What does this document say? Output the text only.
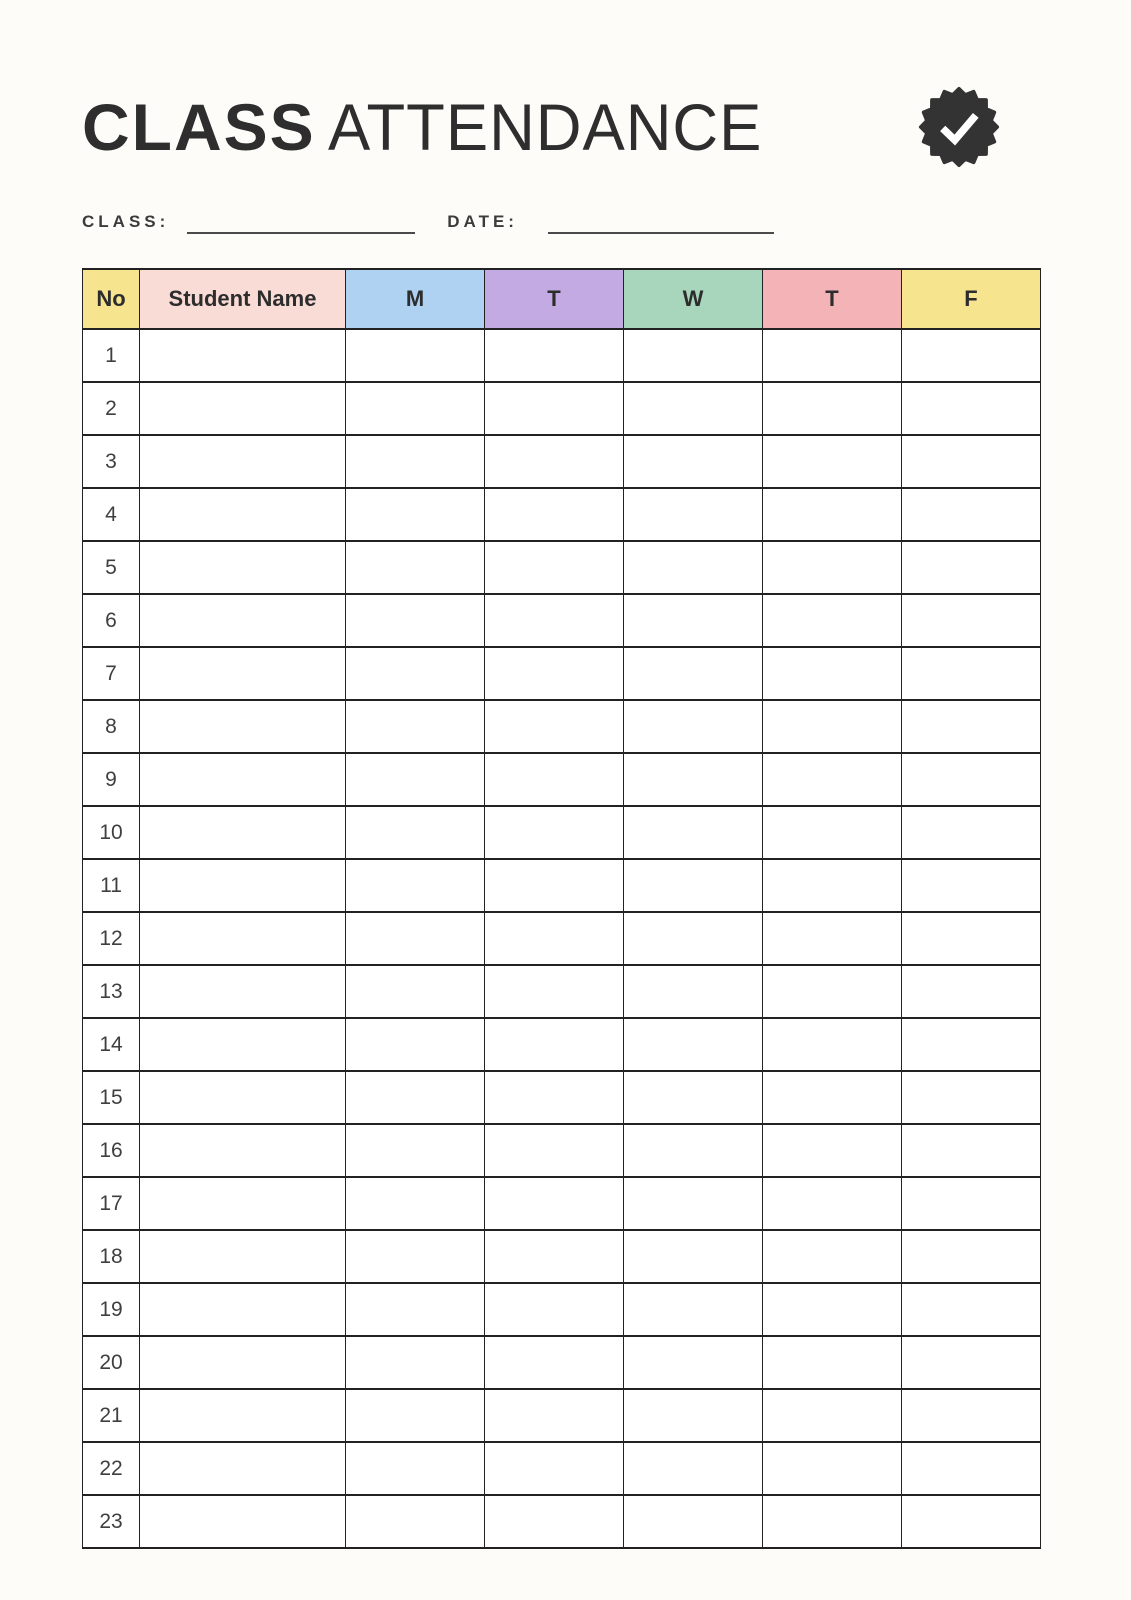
CLASS ATTENDANCE
CLASS:	DATE:
No	Student Name	M	T	W	T	F
1						
2						
3						
4						
5						
6						
7						
8						
9						
10						
11						
12						
13						
14						
15						
16						
17						
18						
19						
20						
21						
22						
23						
